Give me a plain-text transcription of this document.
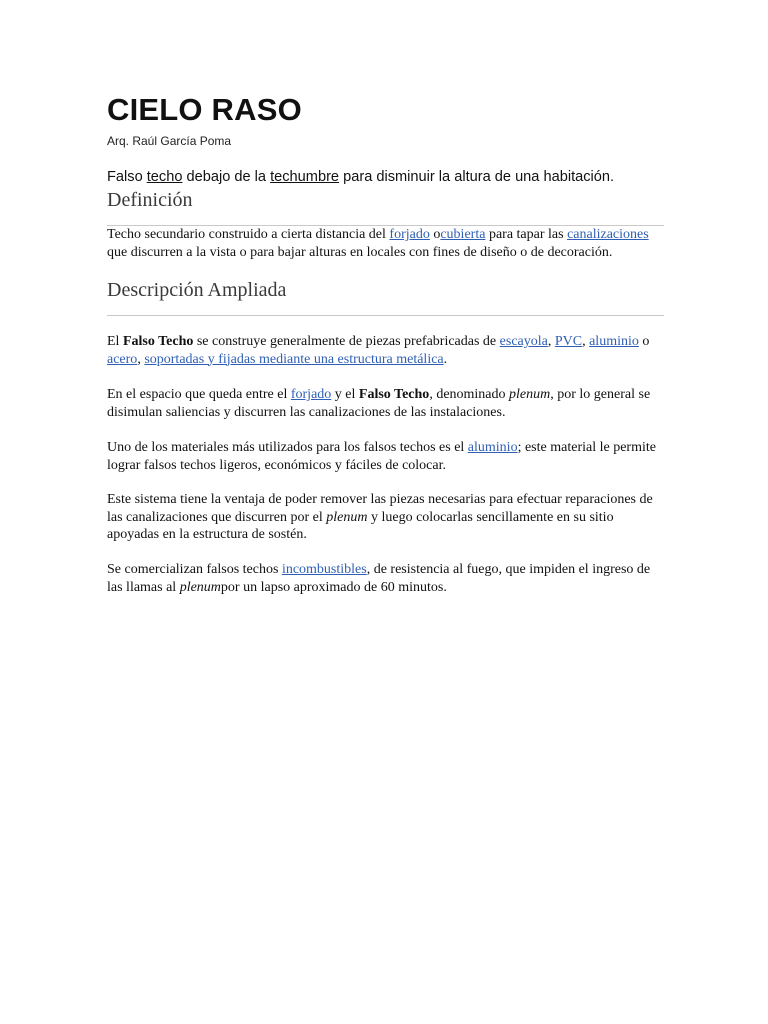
CIELO RASO
Arq. Raúl García Poma
Falso techo debajo de la techumbre para disminuir la altura de una habitación.
Definición

Techo secundario construido a cierta distancia del forjado ocubierta para tapar las canalizaciones que discurren a la vista o para bajar alturas en locales con fines de diseño o de decoración.

Descripción Ampliada

El Falso Techo se construye generalmente de piezas prefabricadas de escayola, PVC, aluminio o acero, soportadas y fijadas mediante una estructura metálica.

En el espacio que queda entre el forjado y el Falso Techo, denominado plenum, por lo general se disimulan saliencias y discurren las canalizaciones de las instalaciones.

Uno de los materiales más utilizados para los falsos techos es el aluminio; este material le permite lograr falsos techos ligeros, económicos y fáciles de colocar.

Este sistema tiene la ventaja de poder remover las piezas necesarias para efectuar reparaciones de las canalizaciones que discurren por el plenum y luego colocarlas sencillamente en su sitio apoyadas en la estructura de sostén.

Se comercializan falsos techos incombustibles, de resistencia al fuego, que impiden el ingreso de las llamas al plenumpor un lapso aproximado de 60 minutos.
